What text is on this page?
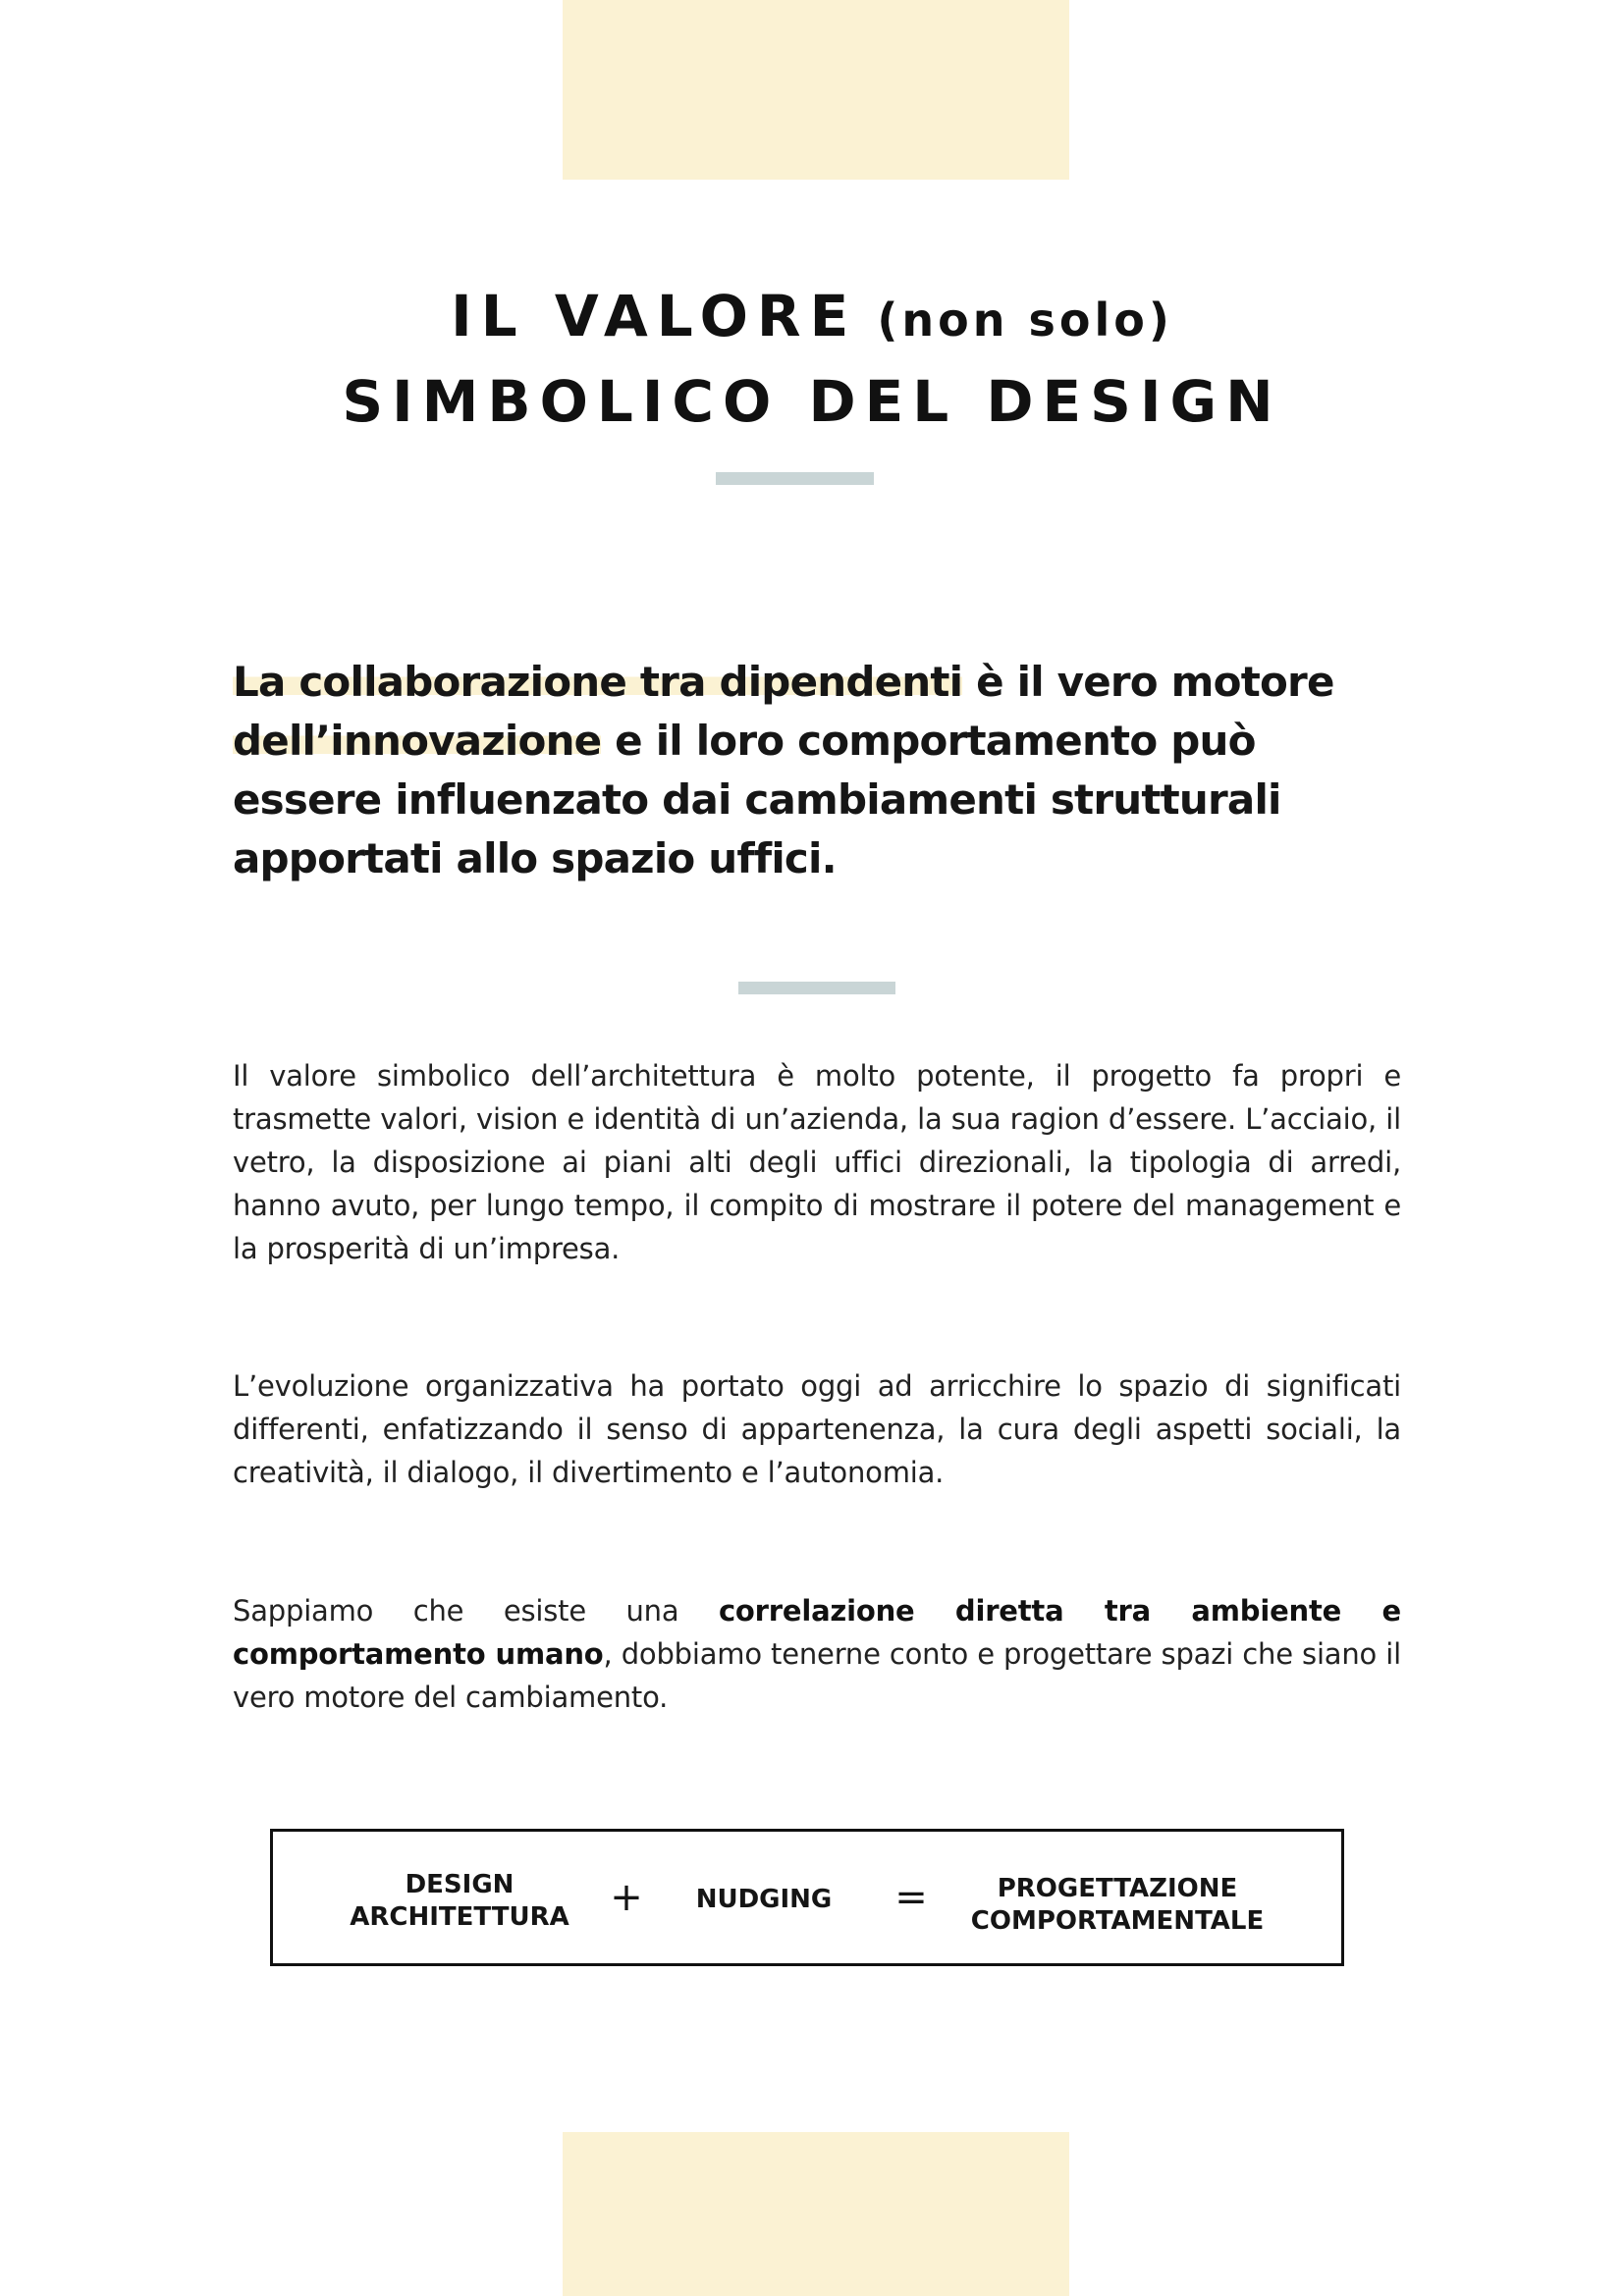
IL VALORE (non solo)
SIMBOLICO DEL DESIGN

La collaborazione tra dipendenti è il vero motore dell’innovazione e il loro comportamento può essere influenzato dai cambiamenti strutturali apportati allo spazio uffici.

Il valore simbolico dell’architettura è molto potente, il progetto fa propri e trasmette valori, vision e identità di un’azienda, la sua ragion d’essere. L’acciaio, il vetro, la disposizione ai piani alti degli uffici direzionali, la tipologia di arredi, hanno avuto, per lungo tempo, il compito di mostrare il potere del management e la prosperità di un’impresa.

L’evoluzione organizzativa ha portato oggi ad arricchire lo spazio di significati differenti, enfatizzando il senso di appartenenza, la cura degli aspetti sociali, la creatività, il dialogo, il divertimento e l’autonomia.

Sappiamo che esiste una correlazione diretta tra ambiente e comportamento umano, dobbiamo tenerne conto e progettare spazi che siano il vero motore del cambiamento.

DESIGN
ARCHITETTURA	+	NUDGING	=	PROGETTAZIONE
COMPORTAMENTALE
